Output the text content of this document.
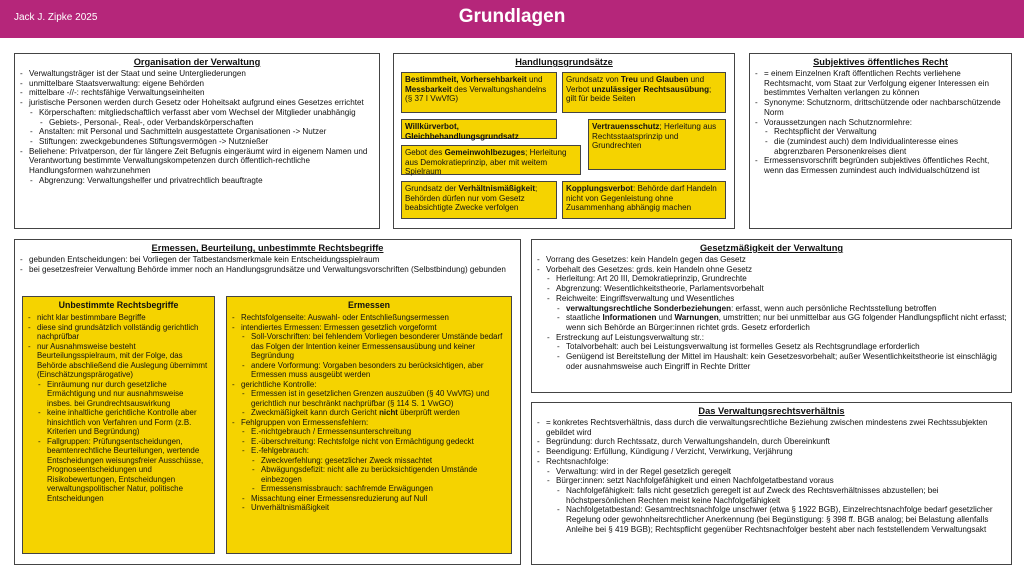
Jack J. Zipke 2025	Grundlagen
Organisation der Verwaltung
- Verwaltungsträger ist der Staat und seine Untergliederungen
- unmittelbare Staatsverwaltung: eigene Behörden
- mittelbare -//-: rechtsfähige Verwaltungseinheiten
- juristische Personen werden durch Gesetz oder Hoheitsakt aufgrund eines Gesetzes errichtet
- Körperschaften: mitgliedschaftlich verfasst aber vom Wechsel der Mitglieder unabhängig
- Gebiets-, Personal-, Real-, oder Verbandskörperschaften
- Anstalten: mit Personal und Sachmitteln ausgestattete Organisationen -> Nutzer
- Stiftungen: zweckgebundenes Stiftungsvermögen -> Nutznießer
- Beliehene: Privatperson, der für längere Zeit Befugnis eingeräumt wird in eigenem Namen und Verantwortung bestimmte Verwaltungskompetenzen durch öffentlich-rechtliche Handlungsformen wahrzunehmen
- Abgrenzung: Verwaltungshelfer und privatrechtlich beauftragte
Handlungsgrundsätze
Bestimmtheit, Vorhersehbarkeit und Messbarkeit des Verwaltungshandelns (§ 37 I VwVfG)
Grundsatz von Treu und Glauben und Verbot unzulässiger Rechtsausübung; gilt für beide Seiten
Willkürverbot, Gleichbehandlungsgrundsatz
Vertrauensschutz; Herleitung aus Rechtsstaatsprinzip und Grundrechten
Gebot des Gemeinwohlbezuges; Herleitung aus Demokratieprinzip, aber mit weitem Spielraum
Grundsatz der Verhältnismäßigkeit; Behörden dürfen nur vom Gesetz beabsichtigte Zwecke verfolgen
Kopplungsverbot: Behörde darf Handeln nicht von Gegenleistung ohne Zusammenhang abhängig machen
Subjektives öffentliches Recht
- = einem Einzelnen Kraft öffentlichen Rechts verliehene Rechtsmacht, vom Staat zur Verfolgung eigener Interessen ein bestimmtes Verhalten verlangen zu können
- Synonyme: Schutznorm, drittschützende oder nachbarschützende Norm
- Voraussetzungen nach Schutznormlehre:
- Rechtspflicht der Verwaltung
- die (zumindest auch) dem Individualinteresse eines abgrenzbaren Personenkreises dient
- Ermessensvorschrift begründen subjektives öffentliches Recht, wenn das Ermessen zumindest auch individualschützend ist
Ermessen, Beurteilung, unbestimmte Rechtsbegriffe
- gebunden Entscheidungen: bei Vorliegen der Tatbestandsmerkmale kein Entscheidungsspielraum
- bei gesetzesfreier Verwaltung Behörde immer noch an Handlungsgrundsätze und Verwaltungsvorschriften (Selbstbindung) gebunden
Unbestimmte Rechtsbegriffe
- nicht klar bestimmbare Begriffe
- diese sind grundsätzlich vollständig gerichtlich nachprüfbar
- nur Ausnahmsweise besteht Beurteilungsspielraum, mit der Folge, das Behörde abschließend die Auslegung übernimmt (Einschätzungsprärogative)
- Einräumung nur durch gesetzliche Ermächtigung und nur ausnahmsweise insbes. bei Grundrechtsauswirkung
- keine inhaltliche gerichtliche Kontrolle aber hinsichtlich von Verfahren und Form (z.B. Kriterien und Begründung)
- Fallgruppen: Prüfungsentscheidungen, beamtenrechtliche Beurteilungen, wertende Entscheidungen weisungsfreier Ausschüsse, Prognoseentscheidungen und Risikobewertungen, Entscheidungen verwaltungspolitischer Natur, politische Entscheidungen
Ermessen
- Rechtsfolgenseite: Auswahl- oder Entschließungsermessen
- intendiertes Ermessen: Ermessen gesetzlich vorgeformt
- Soll-Vorschriften: bei fehlendem Vorliegen besonderer Umstände bedarf das Folgen der Intention keiner Ermessensausübung und keiner Begründung
- andere Vorformung: Vorgaben besonders zu berücksichtigen, aber Ermessen muss ausgeübt werden
- gerichtliche Kontrolle:
- Ermessen ist in gesetzlichen Grenzen auszuüben (§ 40 VwVfG) und gerichtlich nur beschränkt nachprüfbar (§ 114 S. 1 VwGO)
- Zweckmäßigkeit kann durch Gericht nicht überprüft werden
- Fehlgruppen von Ermessensfehlern:
- E.-nichtgebrauch / Ermessensunterschreitung
- E.-überschreitung: Rechtsfolge nicht von Ermächtigung gedeckt
- E.-fehlgebrauch:
- Zweckverfehlung: gesetzlicher Zweck missachtet
- Abwägungsdefizit: nicht alle zu berücksichtigenden Umstände einbezogen
- Ermessensmissbrauch: sachfremde Erwägungen
- Missachtung einer Ermessensreduzierung auf Null
- Unverhältnismäßigkeit
Gesetzmäßigkeit der Verwaltung
- Vorrang des Gesetzes: kein Handeln gegen das Gesetz
- Vorbehalt des Gesetzes: grds. kein Handeln ohne Gesetz
- Herleitung: Art 20 III, Demokratieprinzip, Grundrechte
- Abgrenzung: Wesentlichkeitstheorie, Parlamentsvorbehalt
- Reichweite: Eingriffsverwaltung und Wesentliches
- verwaltungsrechtliche Sonderbeziehungen: erfasst, wenn auch persönliche Rechtsstellung betroffen
- staatliche Informationen und Warnungen, umstritten; nur bei unmittelbar aus GG folgender Handlungspflicht nicht erfasst; wenn sich Behörde an Bürger:innen richtet grds. Gesetz erforderlich
- Erstreckung auf Leistungsverwaltung str.:
- Totalvorbehalt: auch bei Leistungsverwaltung ist formelles Gesetz als Rechtsgrundlage erforderlich
- Genügend ist Bereitstellung der Mittel im Haushalt: kein Gesetzesvorbehalt; außer Wesentlichkeitstheorie ist einschlägig oder ausnahmsweise auch Eingriff in Rechte Dritter
Das Verwaltungsrechtsverhältnis
- = konkretes Rechtsverhältnis, dass durch die verwaltungsrechtliche Beziehung zwischen mindestens zwei Rechtssubjekten gebildet wird
- Begründung: durch Rechtssatz, durch Verwaltungshandeln, durch Übereinkunft
- Beendigung: Erfüllung, Kündigung / Verzicht, Verwirkung, Verjährung
- Rechtsnachfolge:
- Verwaltung: wird in der Regel gesetzlich geregelt
- Bürger:innen: setzt Nachfolgefähigkeit und einen Nachfolgetatbestand voraus
- Nachfolgefähigkeit: falls nicht gesetzlich geregelt ist auf Zweck des Rechtsverhältnisses abzustellen; bei höchstpersönlichen Rechten meist keine Nachfolgefähigkeit
- Nachfolgetatbestand: Gesamtrechtsnachfolge unschwer (etwa § 1922 BGB), Einzelrechtsnachfolge bedarf gesetzlicher Regelung oder gewohnheitsrechtlicher Anerkennung (bei Begünstigung: § 398 ff. BGB analog; bei Belastung allenfalls Anleihe bei § 419 BGB); Rechtspflicht gegenüber Rechtsnachfolger besteht aber nach feststellendem Verwaltungsakt
